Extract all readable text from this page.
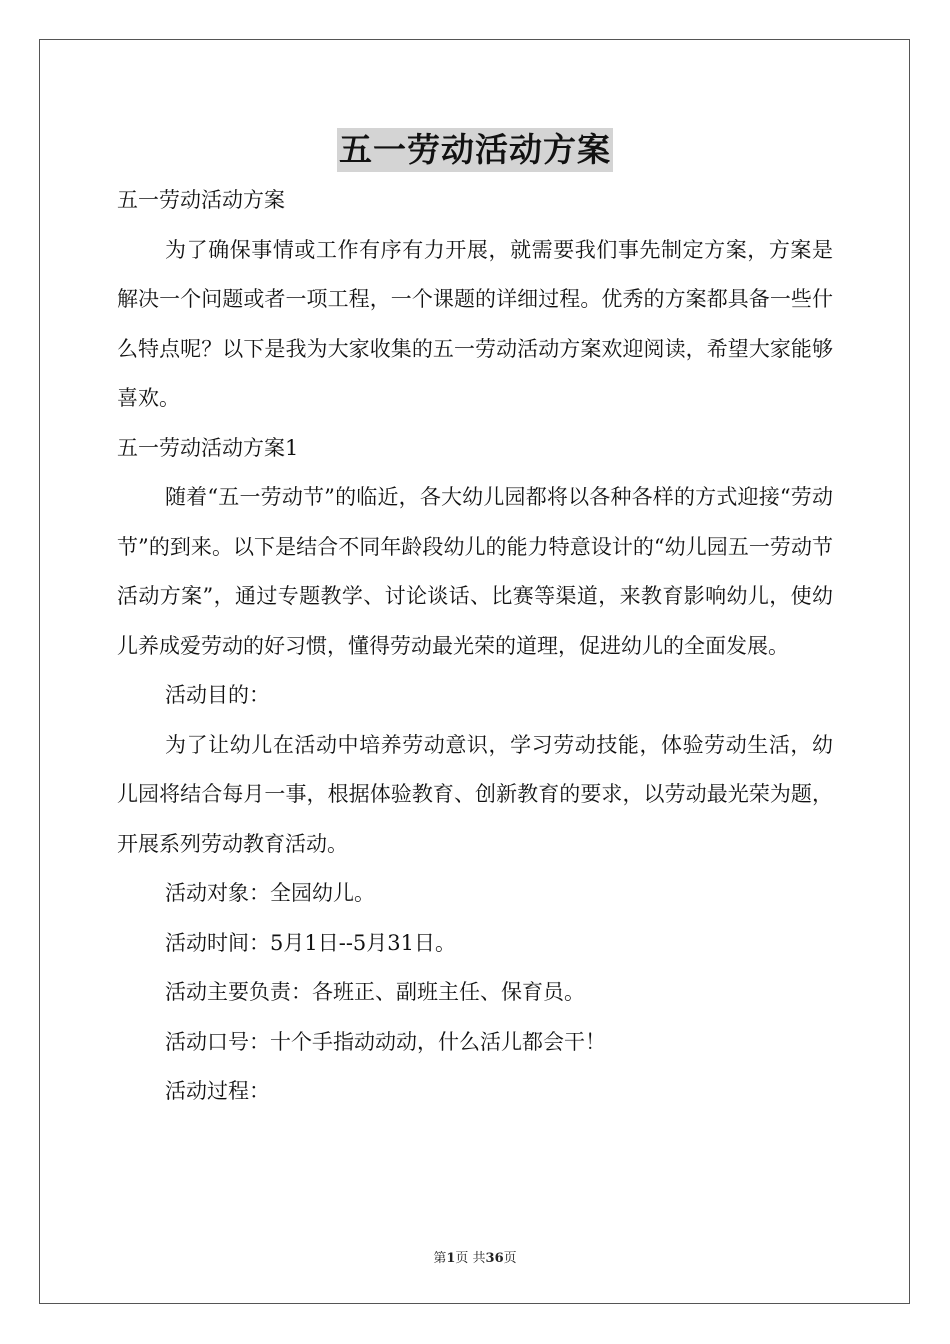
五一劳动活动方案

五一劳动活动方案

为了确保事情或工作有序有力开展，就需要我们事先制定方案，方案是解决一个问题或者一项工程，一个课题的详细过程。优秀的方案都具备一些什么特点呢？以下是我为大家收集的五一劳动活动方案欢迎阅读，希望大家能够喜欢。

五一劳动活动方案1

随着“五一劳动节”的临近，各大幼儿园都将以各种各样的方式迎接“劳动节”的到来。以下是结合不同年龄段幼儿的能力特意设计的“幼儿园五一劳动节活动方案”，通过专题教学、讨论谈话、比赛等渠道，来教育影响幼儿，使幼儿养成爱劳动的好习惯，懂得劳动最光荣的道理，促进幼儿的全面发展。

活动目的：

为了让幼儿在活动中培养劳动意识，学习劳动技能，体验劳动生活，幼儿园将结合每月一事，根据体验教育、创新教育的要求，以劳动最光荣为题，开展系列劳动教育活动。

活动对象：全园幼儿。

活动时间：5月1日--5月31日。

活动主要负责：各班正、副班主任、保育员。

活动口号：十个手指动动动，什么活儿都会干！

活动过程：

第1页 共36页
